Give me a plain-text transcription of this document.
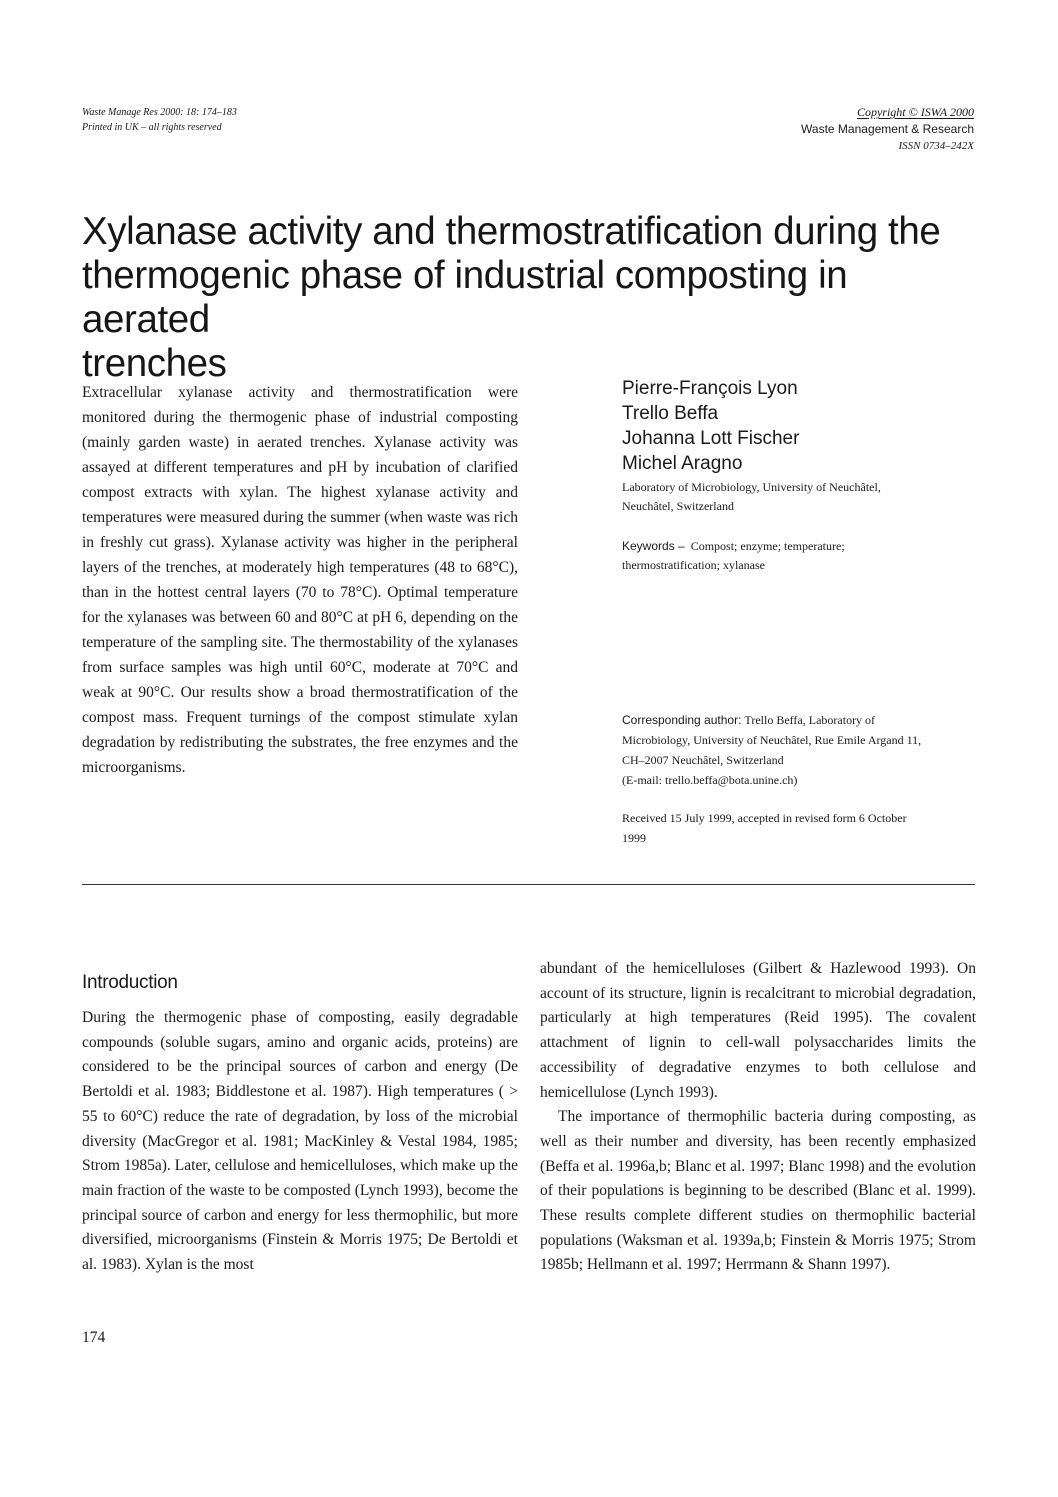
Waste Manage Res 2000: 18: 174–183
Printed in UK – all rights reserved
Copyright © ISWA 2000
Waste Management & Research
ISSN 0734–242X
Xylanase activity and thermostratification during the
thermogenic phase of industrial composting in aerated
trenches

Extracellular xylanase activity and thermostratification were monitored during the thermogenic phase of industrial composting (mainly garden waste) in aerated trenches. Xylanase activity was assayed at different temperatures and pH by incubation of clarified compost extracts with xylan. The highest xylanase activity and temperatures were measured during the summer (when waste was rich in freshly cut grass). Xylanase activity was higher in the peripheral layers of the trenches, at moderately high temperatures (48 to 68°C), than in the hottest central layers (70 to 78°C). Optimal temperature for the xylanases was between 60 and 80°C at pH 6, depending on the temperature of the sampling site. The thermostability of the xylanases from surface samples was high until 60°C, moderate at 70°C and weak at 90°C. Our results show a broad thermostratification of the compost mass. Frequent turnings of the compost stimulate xylan degradation by redistributing the substrates, the free enzymes and the microorganisms.

Pierre-François Lyon
Trello Beffa
Johanna Lott Fischer
Michel Aragno
Laboratory of Microbiology, University of Neuchâtel,
Neuchâtel, Switzerland
Keywords – Compost; enzyme; temperature;
thermostratification; xylanase
Corresponding author: Trello Beffa, Laboratory of
Microbiology, University of Neuchâtel, Rue Emile Argand 11,
CH–2007 Neuchâtel, Switzerland
(E-mail: trello.beffa@bota.unine.ch)
Received 15 July 1999, accepted in revised form 6 October
1999
Introduction

During the thermogenic phase of composting, easily degradable compounds (soluble sugars, amino and organic acids, proteins) are considered to be the principal sources of carbon and energy (De Bertoldi et al. 1983; Biddlestone et al. 1987). High temperatures ( > 55 to 60°C) reduce the rate of degradation, by loss of the microbial diversity (MacGregor et al. 1981; MacKinley & Vestal 1984, 1985; Strom 1985a). Later, cellulose and hemicelluloses, which make up the main fraction of the waste to be composted (Lynch 1993), become the principal source of carbon and energy for less thermophilic, but more diversified, microorganisms (Finstein & Morris 1975; De Bertoldi et al. 1983). Xylan is the most

abundant of the hemicelluloses (Gilbert & Hazlewood 1993). On account of its structure, lignin is recalcitrant to microbial degradation, particularly at high temperatures (Reid 1995). The covalent attachment of lignin to cell-wall polysaccharides limits the accessibility of degradative enzymes to both cellulose and hemicellulose (Lynch 1993).

The importance of thermophilic bacteria during composting, as well as their number and diversity, has been recently emphasized (Beffa et al. 1996a,b; Blanc et al. 1997; Blanc 1998) and the evolution of their populations is beginning to be described (Blanc et al. 1999). These results complete different studies on thermophilic bacterial populations (Waksman et al. 1939a,b; Finstein & Morris 1975; Strom 1985b; Hellmann et al. 1997; Herrmann & Shann 1997).

174
